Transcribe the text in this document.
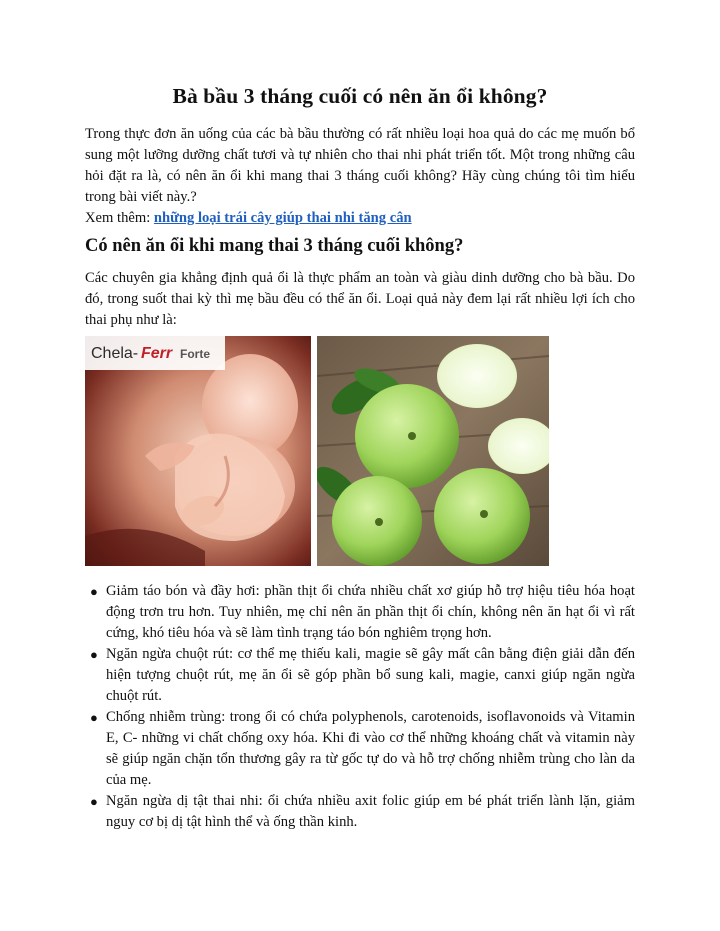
Bà bầu 3 tháng cuối có nên ăn ổi không?

Trong thực đơn ăn uống của các bà bầu thường có rất nhiều loại hoa quả do các mẹ muốn bổ sung một lưỡng dưỡng chất tươi và tự nhiên cho thai nhi phát triển tốt. Một trong những câu hỏi đặt ra là, có nên ăn ổi khi mang thai 3 tháng cuối không? Hãy cùng chúng tôi tìm hiểu trong bài viết này.?

Xem thêm: những loại trái cây giúp thai nhi tăng cân

Có nên ăn ổi khi mang thai 3 tháng cuối không?

Các chuyên gia khẳng định quả ổi là thực phẩm an toàn và giàu dinh dưỡng cho bà bầu. Do đó, trong suốt thai kỳ thì mẹ bầu đều có thể ăn ổi. Loại quả này đem lại rất nhiều lợi ích cho thai phụ như là:

Chela- Ferr Forte
● Giảm táo bón và đầy hơi: phần thịt ổi chứa nhiều chất xơ giúp hỗ trợ hiệu tiêu hóa hoạt động trơn tru hơn. Tuy nhiên, mẹ chỉ nên ăn phần thịt ổi chín, không nên ăn hạt ổi vì rất cứng, khó tiêu hóa và sẽ làm tình trạng táo bón nghiêm trọng hơn.
● Ngăn ngừa chuột rút: cơ thể mẹ thiếu kali, magie sẽ gây mất cân bằng điện giải dẫn đến hiện tượng chuột rút, mẹ ăn ổi sẽ góp phần bổ sung kali, magie, canxi giúp ngăn ngừa chuột rút.
● Chống nhiễm trùng: trong ổi có chứa polyphenols, carotenoids, isoflavonoids và Vitamin E, C- những vi chất chống oxy hóa. Khi đi vào cơ thể những khoáng chất và vitamin này sẽ giúp ngăn chặn tổn thương gây ra từ gốc tự do và hỗ trợ chống nhiễm trùng cho làn da của mẹ.
● Ngăn ngừa dị tật thai nhi: ổi chứa nhiều axit folic giúp em bé phát triển lành lặn, giảm nguy cơ bị dị tật hình thể và ống thần kinh.
